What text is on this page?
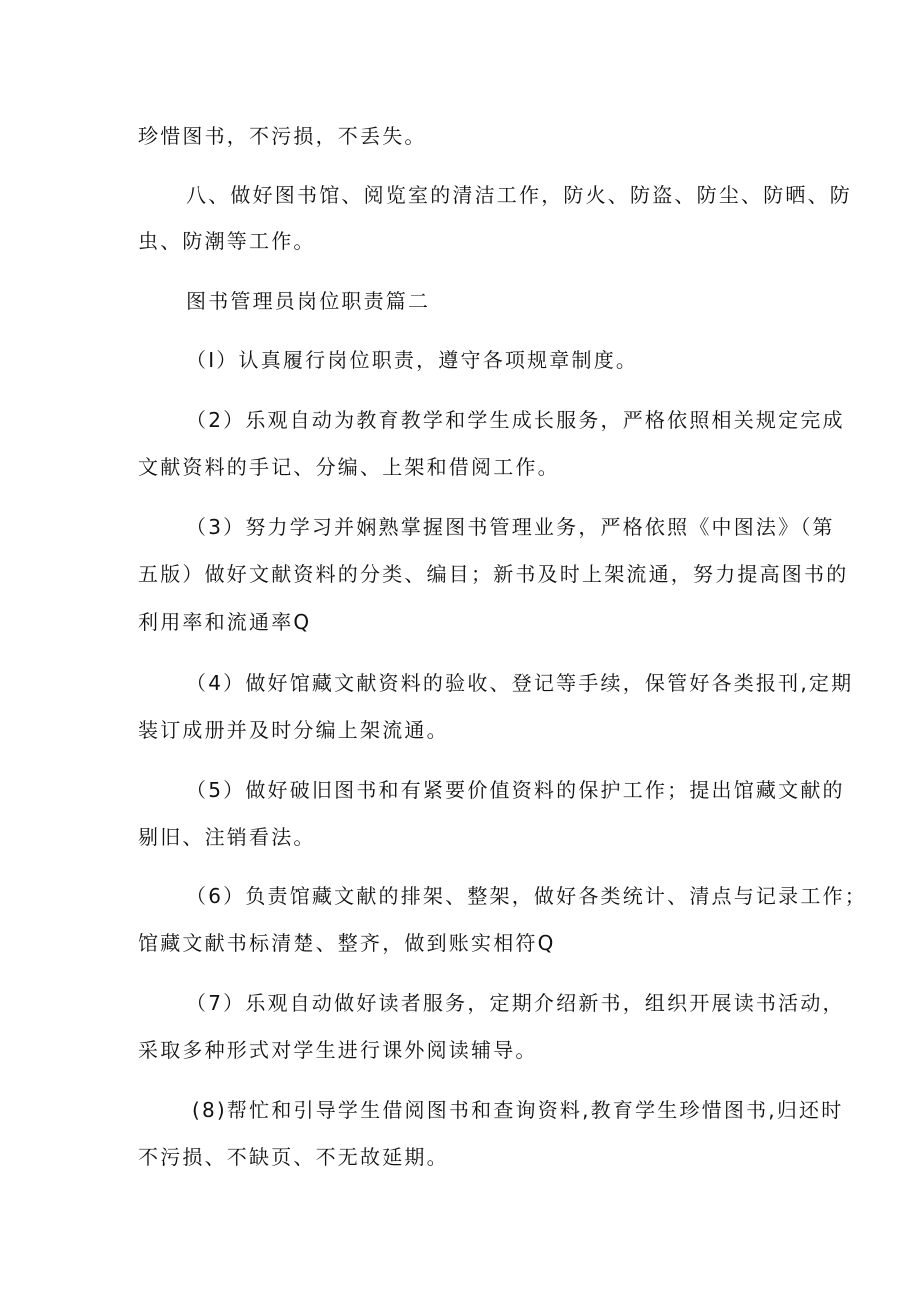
珍惜图书，不污损，不丢失。
八、做好图书馆、阅览室的清洁工作，防火、防盗、防尘、防晒、防
虫、防潮等工作。
图书管理员岗位职责篇二
（I）认真履行岗位职责，遵守各项规章制度。
（2）乐观自动为教育教学和学生成长服务，严格依照相关规定完成
文献资料的手记、分编、上架和借阅工作。
（3）努力学习并娴熟掌握图书管理业务，严格依照《中图法》（第
五版）做好文献资料的分类、编目；新书及时上架流通，努力提高图书的
利用率和流通率Q
（4）做好馆藏文献资料的验收、登记等手续，保管好各类报刊,定期
装订成册并及时分编上架流通。
（5）做好破旧图书和有紧要价值资料的保护工作；提出馆藏文献的
剔旧、注销看法。
（6）负责馆藏文献的排架、整架，做好各类统计、清点与记录工作；
馆藏文献书标清楚、整齐，做到账实相符Q
（7）乐观自动做好读者服务，定期介绍新书，组织开展读书活动，
采取多种形式对学生进行课外阅读辅导。
(8)帮忙和引导学生借阅图书和查询资料,教育学生珍惜图书,归还时
不污损、不缺页、不无故延期。
